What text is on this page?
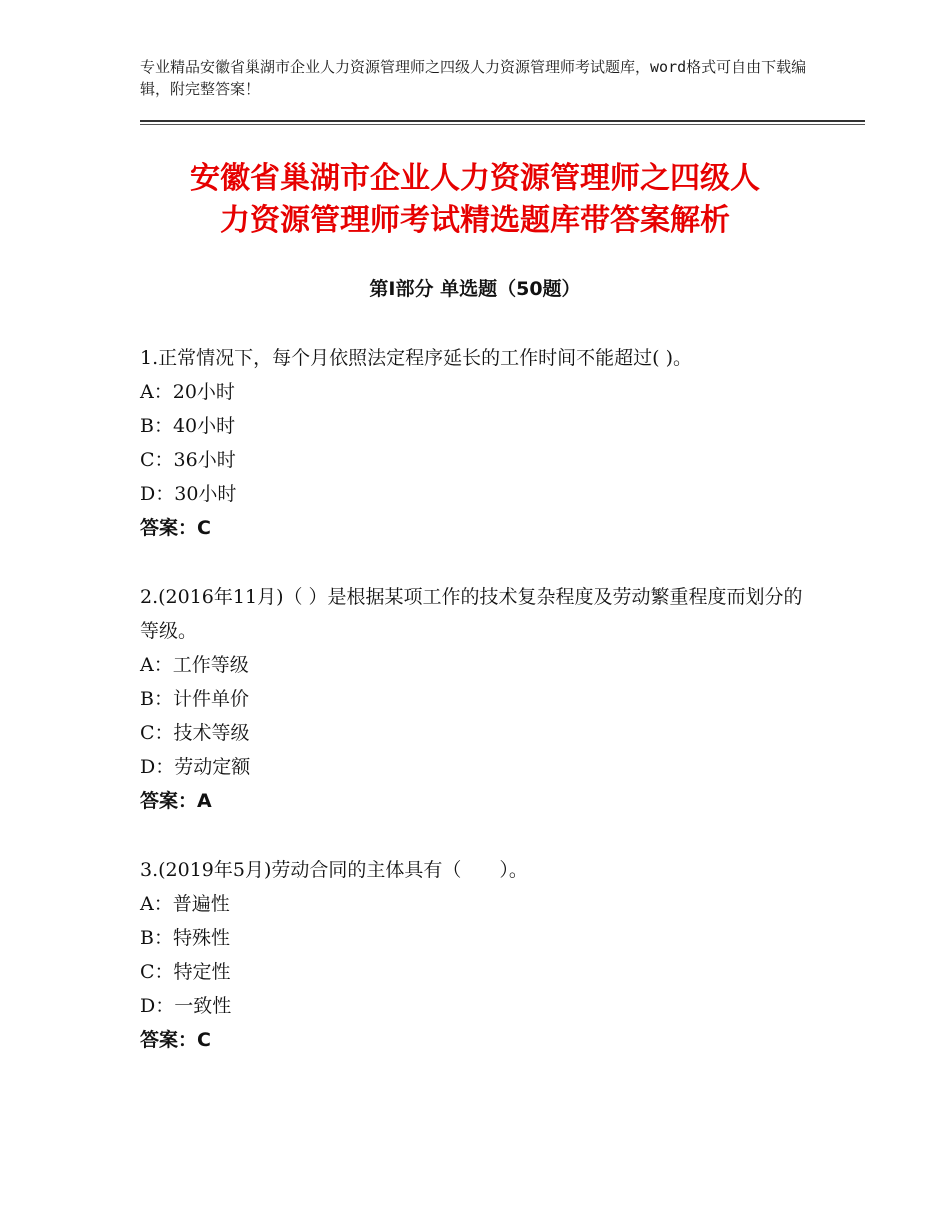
专业精品安徽省巢湖市企业人力资源管理师之四级人力资源管理师考试题库，word格式可自由下载编辑，附完整答案！
安徽省巢湖市企业人力资源管理师之四级人
力资源管理师考试精选题库带答案解析
第Ⅰ部分 单选题（50题）
1.正常情况下，每个月依照法定程序延长的工作时间不能超过( )。
A：20小时
B：40小时
C：36小时
D：30小时
答案：C
2.(2016年11月)（ ）是根据某项工作的技术复杂程度及劳动繁重程度而划分的等级。
A：工作等级
B：计件单价
C：技术等级
D：劳动定额
答案：A
3.(2019年5月)劳动合同的主体具有（　　）。
A：普遍性
B：特殊性
C：特定性
D：一致性
答案：C
